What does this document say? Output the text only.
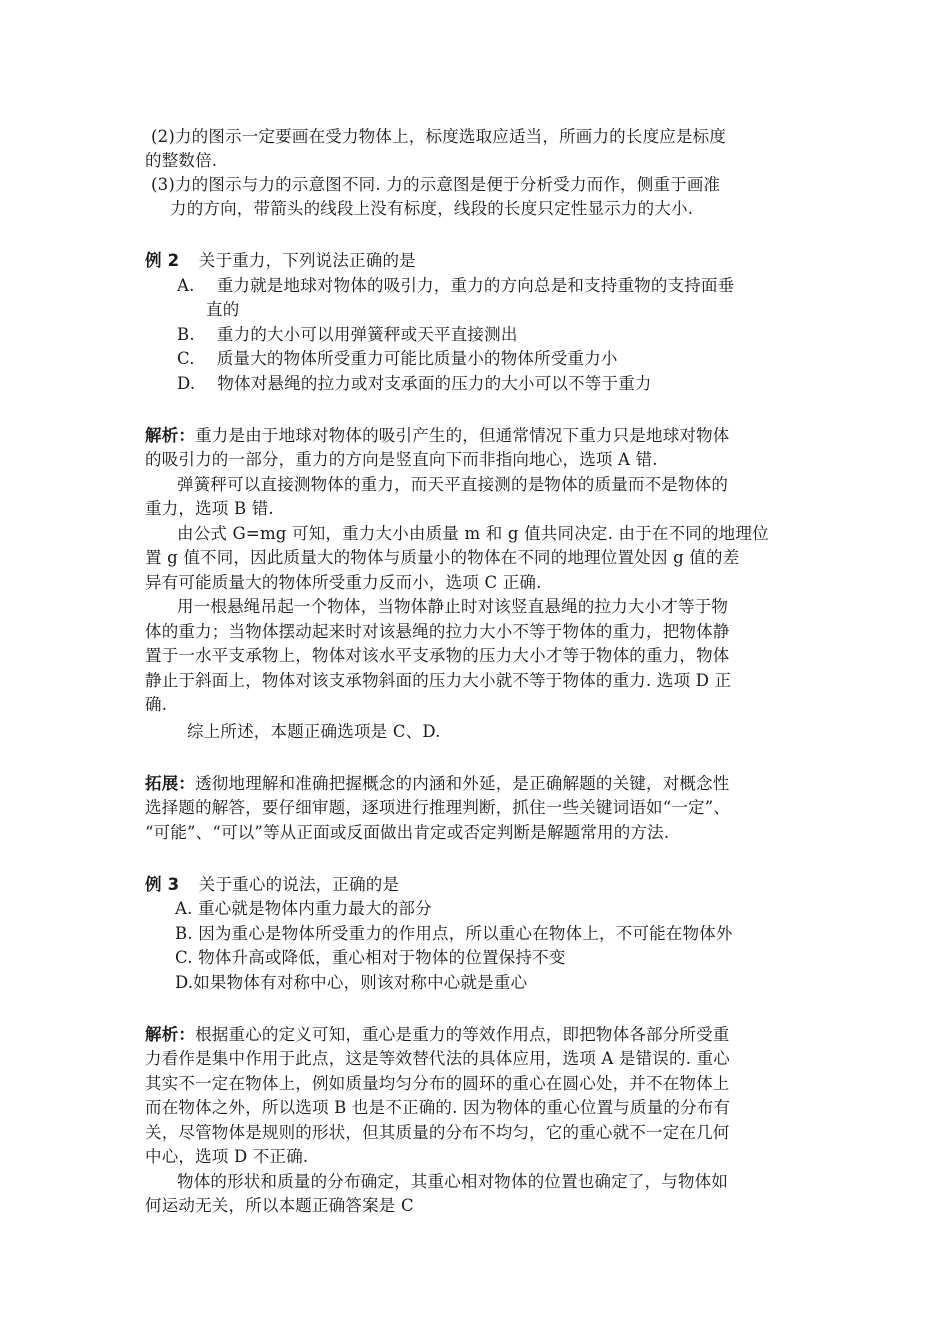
(2)力的图示一定要画在受力物体上，标度选取应适当，所画力的长度应是标度
的整数倍.
(3)力的图示与力的示意图不同. 力的示意图是便于分析受力而作，侧重于画准
力的方向，带箭头的线段上没有标度，线段的长度只定性显示力的大小.
例 2 关于重力，下列说法正确的是
A.　 重力就是地球对物体的吸引力，重力的方向总是和支持重物的支持面垂
直的
B.　 重力的大小可以用弹簧秤或天平直接测出
C.　 质量大的物体所受重力可能比质量小的物体所受重力小
D.　 物体对悬绳的拉力或对支承面的压力的大小可以不等于重力
解析：重力是由于地球对物体的吸引产生的，但通常情况下重力只是地球对物体
的吸引力的一部分，重力的方向是竖直向下而非指向地心，选项 A 错.
弹簧秤可以直接测物体的重力，而天平直接测的是物体的质量而不是物体的
重力，选项 B 错.
由公式 G=mg 可知，重力大小由质量 m 和 g 值共同决定. 由于在不同的地理位
置 g 值不同，因此质量大的物体与质量小的物体在不同的地理位置处因 g 值的差
异有可能质量大的物体所受重力反而小，选项 C 正确.
用一根悬绳吊起一个物体，当物体静止时对该竖直悬绳的拉力大小才等于物
体的重力；当物体摆动起来时对该悬绳的拉力大小不等于物体的重力，把物体静
置于一水平支承物上，物体对该水平支承物的压力大小才等于物体的重力，物体
静止于斜面上，物体对该支承物斜面的压力大小就不等于物体的重力. 选项 D 正
确.
综上所述，本题正确选项是 C、D.
拓展：透彻地理解和准确把握概念的内涵和外延，是正确解题的关键，对概念性
选择题的解答，要仔细审题，逐项进行推理判断，抓住一些关键词语如“一定”、
“可能”、“可以”等从正面或反面做出肯定或否定判断是解题常用的方法.
例 3 关于重心的说法，正确的是
A. 重心就是物体内重力最大的部分
B. 因为重心是物体所受重力的作用点，所以重心在物体上，不可能在物体外
C. 物体升高或降低，重心相对于物体的位置保持不变
D.如果物体有对称中心，则该对称中心就是重心
解析：根据重心的定义可知，重心是重力的等效作用点，即把物体各部分所受重
力看作是集中作用于此点，这是等效替代法的具体应用，选项 A 是错误的. 重心
其实不一定在物体上，例如质量均匀分布的圆环的重心在圆心处，并不在物体上
而在物体之外，所以选项 B 也是不正确的. 因为物体的重心位置与质量的分布有
关，尽管物体是规则的形状，但其质量的分布不均匀，它的重心就不一定在几何
中心，选项 D 不正确.
物体的形状和质量的分布确定，其重心相对物体的位置也确定了，与物体如
何运动无关，所以本题正确答案是 C
